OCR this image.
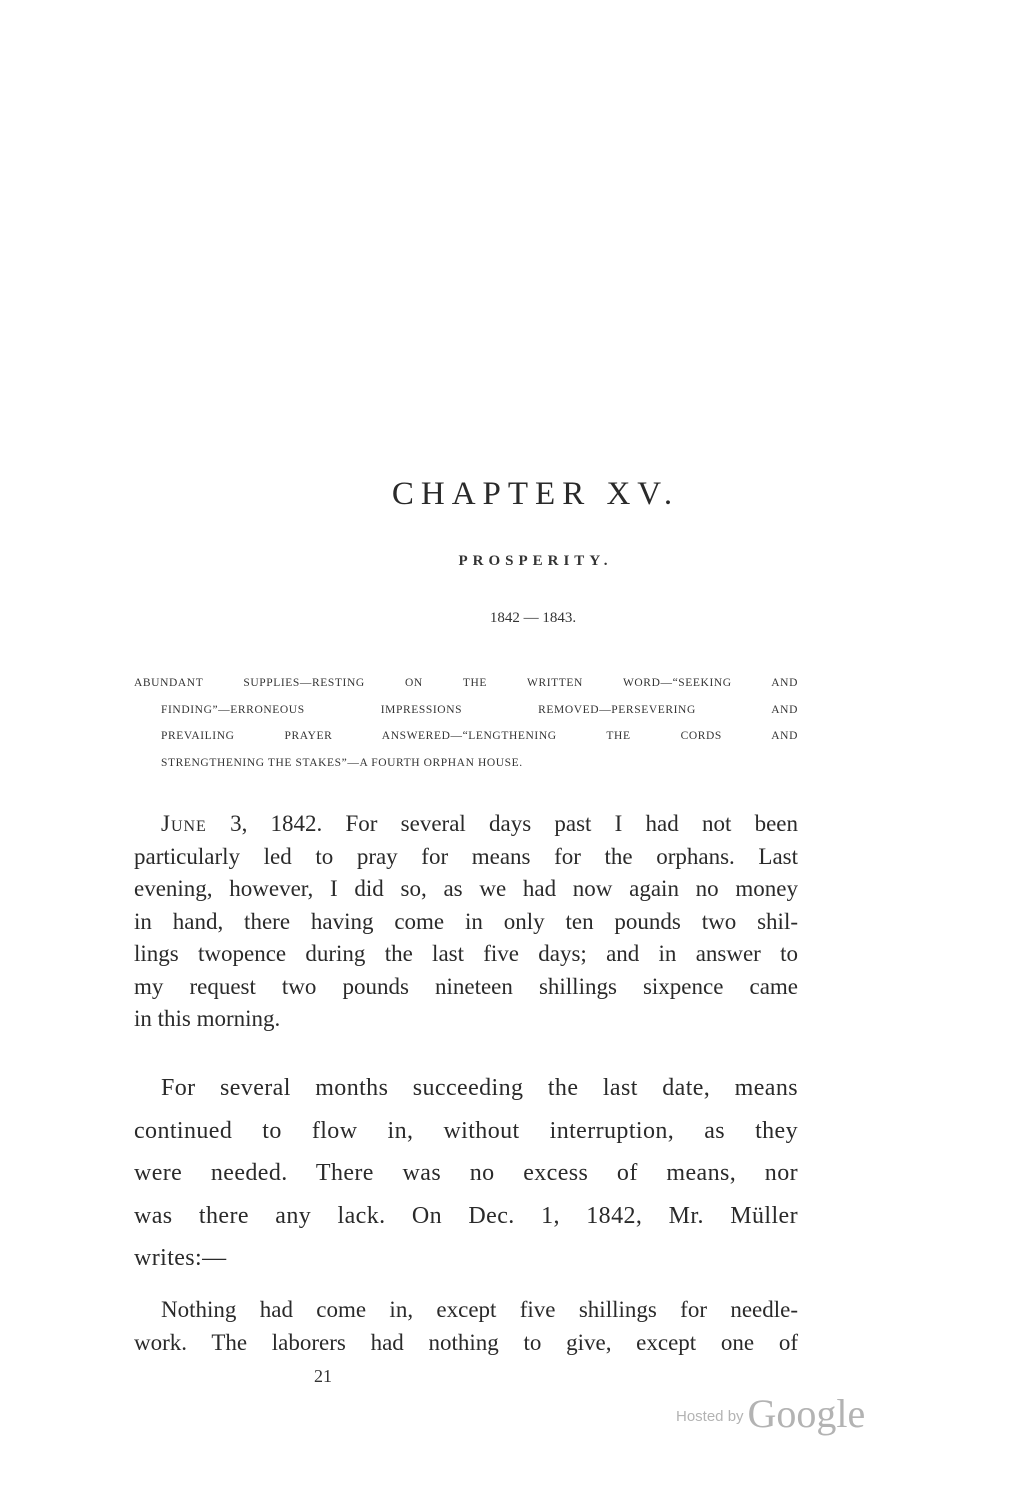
CHAPTER XV.
PROSPERITY.
1842 — 1843.
ABUNDANT SUPPLIES—RESTING ON THE WRITTEN WORD—“SEEKING AND
FINDING”—ERRONEOUS IMPRESSIONS REMOVED—PERSEVERING AND
PREVAILING PRAYER ANSWERED—“LENGTHENING THE CORDS AND
STRENGTHENING THE STAKES”—A FOURTH ORPHAN HOUSE.
June 3, 1842. For several days past I had not been
particularly led to pray for means for the orphans. Last
evening, however, I did so, as we had now again no money
in hand, there having come in only ten pounds two shil-
lings twopence during the last five days; and in answer to
my request two pounds nineteen shillings sixpence came
in this morning.
For several months succeeding the last date, means
continued to flow in, without interruption, as they
were needed. There was no excess of means, nor
was there any lack. On Dec. 1, 1842, Mr. Müller
writes:—
Nothing had come in, except five shillings for needle-
work. The laborers had nothing to give, except one of
21
Hosted by Google
